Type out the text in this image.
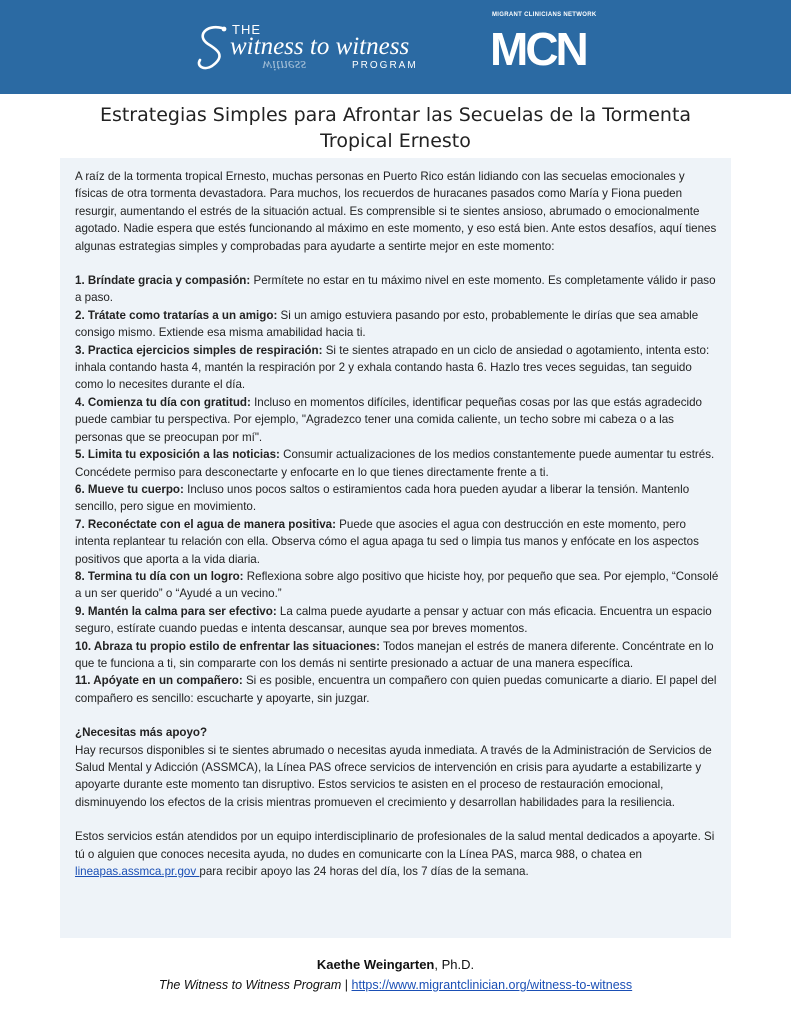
THE
witness to witness
witness	PROGRAM
MIGRANT CLINICIANS NETWORK
MCN
Estrategias Simples para Afrontar las Secuelas de la Tormenta
Tropical Ernesto

A raíz de la tormenta tropical Ernesto, muchas personas en Puerto Rico están lidiando con las secuelas emocionales y físicas de otra tormenta devastadora. Para muchos, los recuerdos de huracanes pasados como María y Fiona pueden resurgir, aumentando el estrés de la situación actual. Es comprensible si te sientes ansioso, abrumado o emocionalmente agotado. Nadie espera que estés funcionando al máximo en este momento, y eso está bien. Ante estos desafíos, aquí tienes algunas estrategias simples y comprobadas para ayudarte a sentirte mejor en este momento:

1. Bríndate gracia y compasión: Permítete no estar en tu máximo nivel en este momento. Es completamente válido ir paso a paso.

2. Trátate como tratarías a un amigo: Si un amigo estuviera pasando por esto, probablemente le dirías que sea amable consigo mismo. Extiende esa misma amabilidad hacia ti.

3. Practica ejercicios simples de respiración: Si te sientes atrapado en un ciclo de ansiedad o agotamiento, intenta esto: inhala contando hasta 4, mantén la respiración por 2 y exhala contando hasta 6. Hazlo tres veces seguidas, tan seguido como lo necesites durante el día.

4. Comienza tu día con gratitud: Incluso en momentos difíciles, identificar pequeñas cosas por las que estás agradecido puede cambiar tu perspectiva. Por ejemplo, "Agradezco tener una comida caliente, un techo sobre mi cabeza o a las personas que se preocupan por mí".

5. Limita tu exposición a las noticias: Consumir actualizaciones de los medios constantemente puede aumentar tu estrés. Concédete permiso para desconectarte y enfocarte en lo que tienes directamente frente a ti.

6. Mueve tu cuerpo: Incluso unos pocos saltos o estiramientos cada hora pueden ayudar a liberar la tensión. Mantenlo sencillo, pero sigue en movimiento.

7. Reconéctate con el agua de manera positiva: Puede que asocies el agua con destrucción en este momento, pero intenta replantear tu relación con ella. Observa cómo el agua apaga tu sed o limpia tus manos y enfócate en los aspectos positivos que aporta a la vida diaria.

8. Termina tu día con un logro: Reflexiona sobre algo positivo que hiciste hoy, por pequeño que sea. Por ejemplo, “Consolé a un ser querido” o “Ayudé a un vecino.”

9. Mantén la calma para ser efectivo: La calma puede ayudarte a pensar y actuar con más eficacia. Encuentra un espacio seguro, estírate cuando puedas e intenta descansar, aunque sea por breves momentos.

10. Abraza tu propio estilo de enfrentar las situaciones: Todos manejan el estrés de manera diferente. Concéntrate en lo que te funciona a ti, sin compararte con los demás ni sentirte presionado a actuar de una manera específica.

11. Apóyate en un compañero: Si es posible, encuentra un compañero con quien puedas comunicarte a diario. El papel del compañero es sencillo: escucharte y apoyarte, sin juzgar.

¿Necesitas más apoyo?

Hay recursos disponibles si te sientes abrumado o necesitas ayuda inmediata. A través de la Administración de Servicios de Salud Mental y Adicción (ASSMCA), la Línea PAS ofrece servicios de intervención en crisis para ayudarte a estabilizarte y apoyarte durante este momento tan disruptivo. Estos servicios te asisten en el proceso de restauración emocional, disminuyendo los efectos de la crisis mientras promueven el crecimiento y desarrollan habilidades para la resiliencia.

Estos servicios están atendidos por un equipo interdisciplinario de profesionales de la salud mental dedicados a apoyarte. Si tú o alguien que conoces necesita ayuda, no dudes en comunicarte con la Línea PAS, marca 988, o chatea en lineapas.assmca.pr.gov para recibir apoyo las 24 horas del día, los 7 días de la semana.

Kaethe Weingarten, Ph.D.
The Witness to Witness Program | https://www.migrantclinician.org/witness-to-witness
